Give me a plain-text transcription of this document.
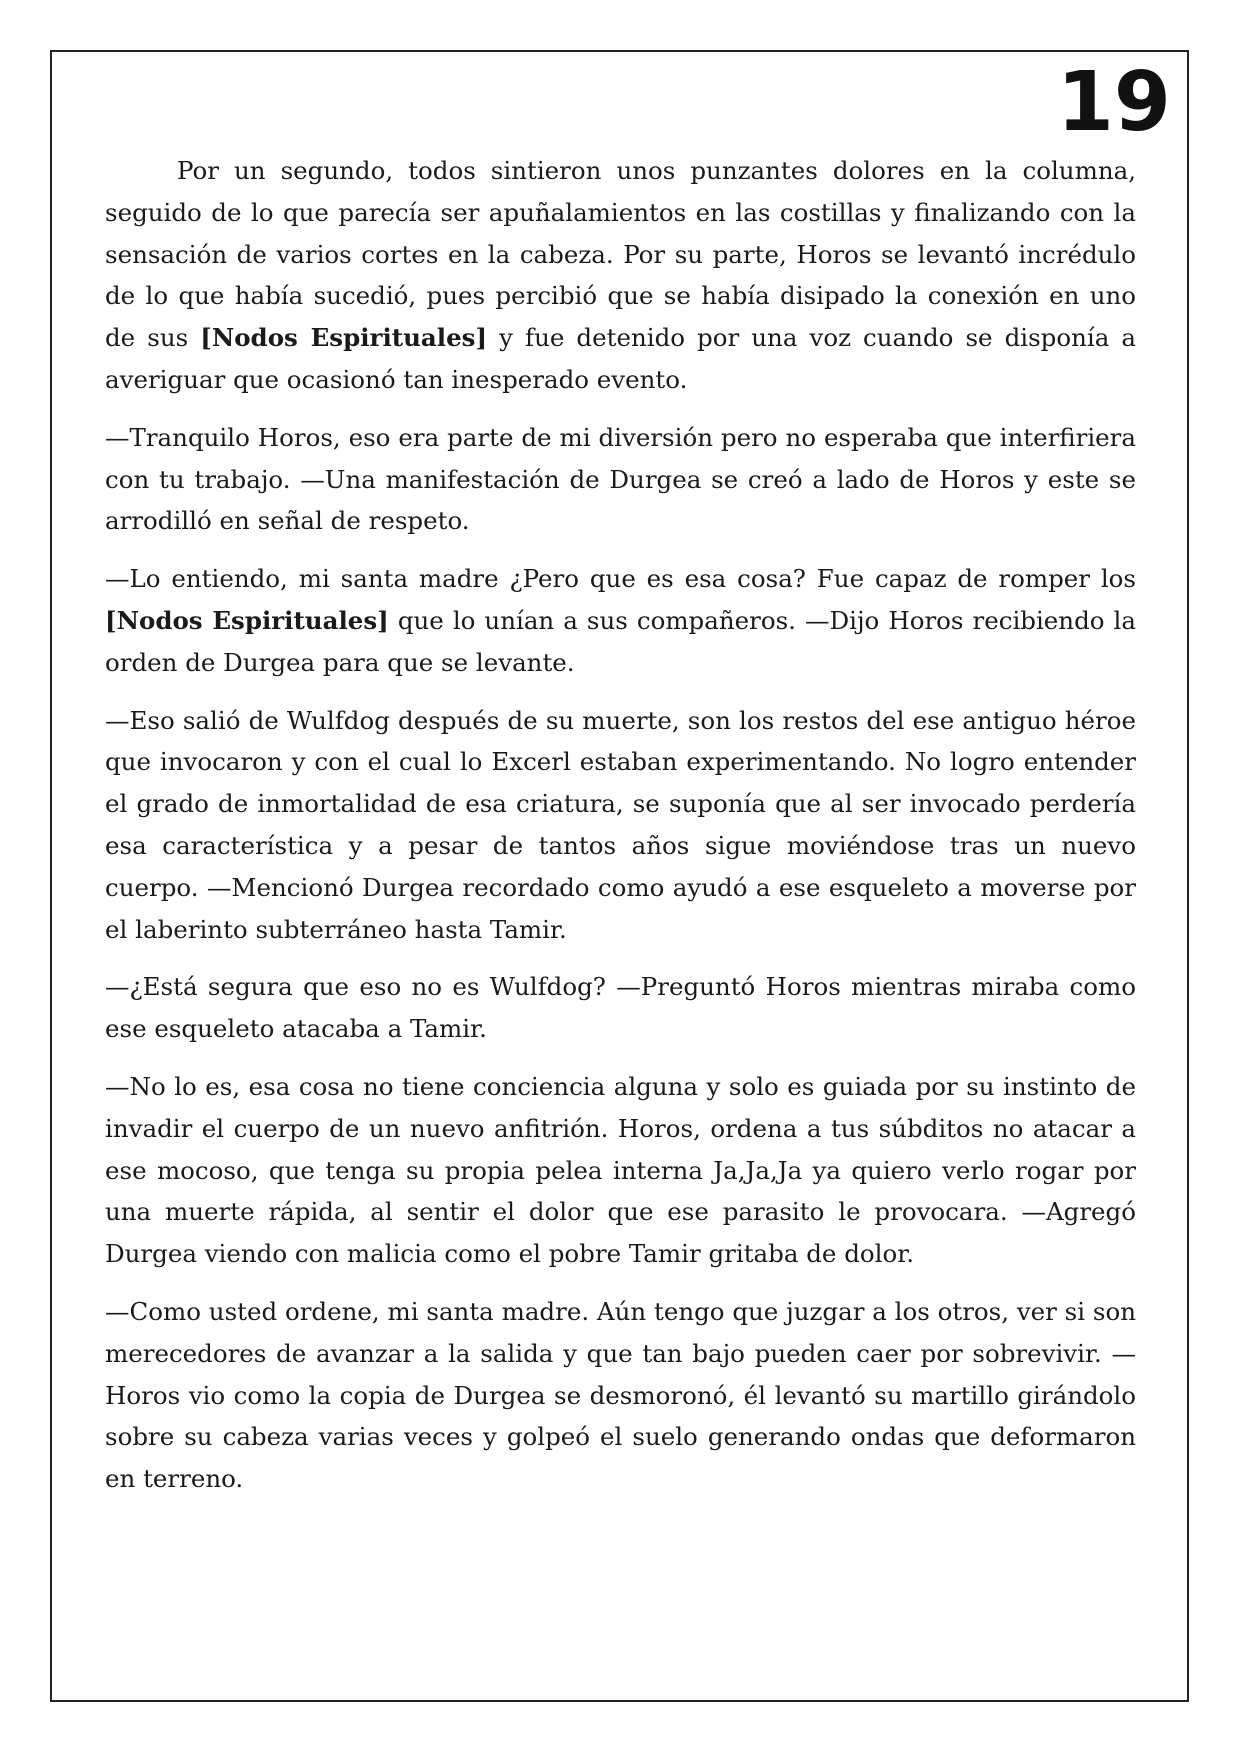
19

Por un segundo, todos sintieron unos punzantes dolores en la columna, seguido de lo que parecía ser apuñalamientos en las costillas y finalizando con la sensación de varios cortes en la cabeza. Por su parte, Horos se levantó incrédulo de lo que había sucedió, pues percibió que se había disipado la conexión en uno de sus [Nodos Espirituales] y fue detenido por una voz cuando se disponía a averiguar que ocasionó tan inesperado evento.

—Tranquilo Horos, eso era parte de mi diversión pero no esperaba que interfiriera con tu trabajo. —Una manifestación de Durgea se creó a lado de Horos y este se arrodilló en señal de respeto.

—Lo entiendo, mi santa madre ¿Pero que es esa cosa? Fue capaz de romper los [Nodos Espirituales] que lo unían a sus compañeros. —Dijo Horos recibiendo la orden de Durgea para que se levante.

—Eso salió de Wulfdog después de su muerte, son los restos del ese antiguo héroe que invocaron y con el cual lo Excerl estaban experimentando. No logro entender el grado de inmortalidad de esa criatura, se suponía que al ser invocado perdería esa característica y a pesar de tantos años sigue moviéndose tras un nuevo cuerpo. —Mencionó Durgea recordado como ayudó a ese esqueleto a moverse por el laberinto subterráneo hasta Tamir.

—¿Está segura que eso no es Wulfdog? —Preguntó Horos mientras miraba como ese esqueleto atacaba a Tamir.

—No lo es, esa cosa no tiene conciencia alguna y solo es guiada por su instinto de invadir el cuerpo de un nuevo anfitrión. Horos, ordena a tus súbditos no atacar a ese mocoso, que tenga su propia pelea interna Ja,Ja,Ja ya quiero verlo rogar por una muerte rápida, al sentir el dolor que ese parasito le provocara. —Agregó Durgea viendo con malicia como el pobre Tamir gritaba de dolor.

—Como usted ordene, mi santa madre. Aún tengo que juzgar a los otros, ver si son merecedores de avanzar a la salida y que tan bajo pueden caer por sobrevivir. —Horos vio como la copia de Durgea se desmoronó, él levantó su martillo girándolo sobre su cabeza varias veces y golpeó el suelo generando ondas que deformaron en terreno.
